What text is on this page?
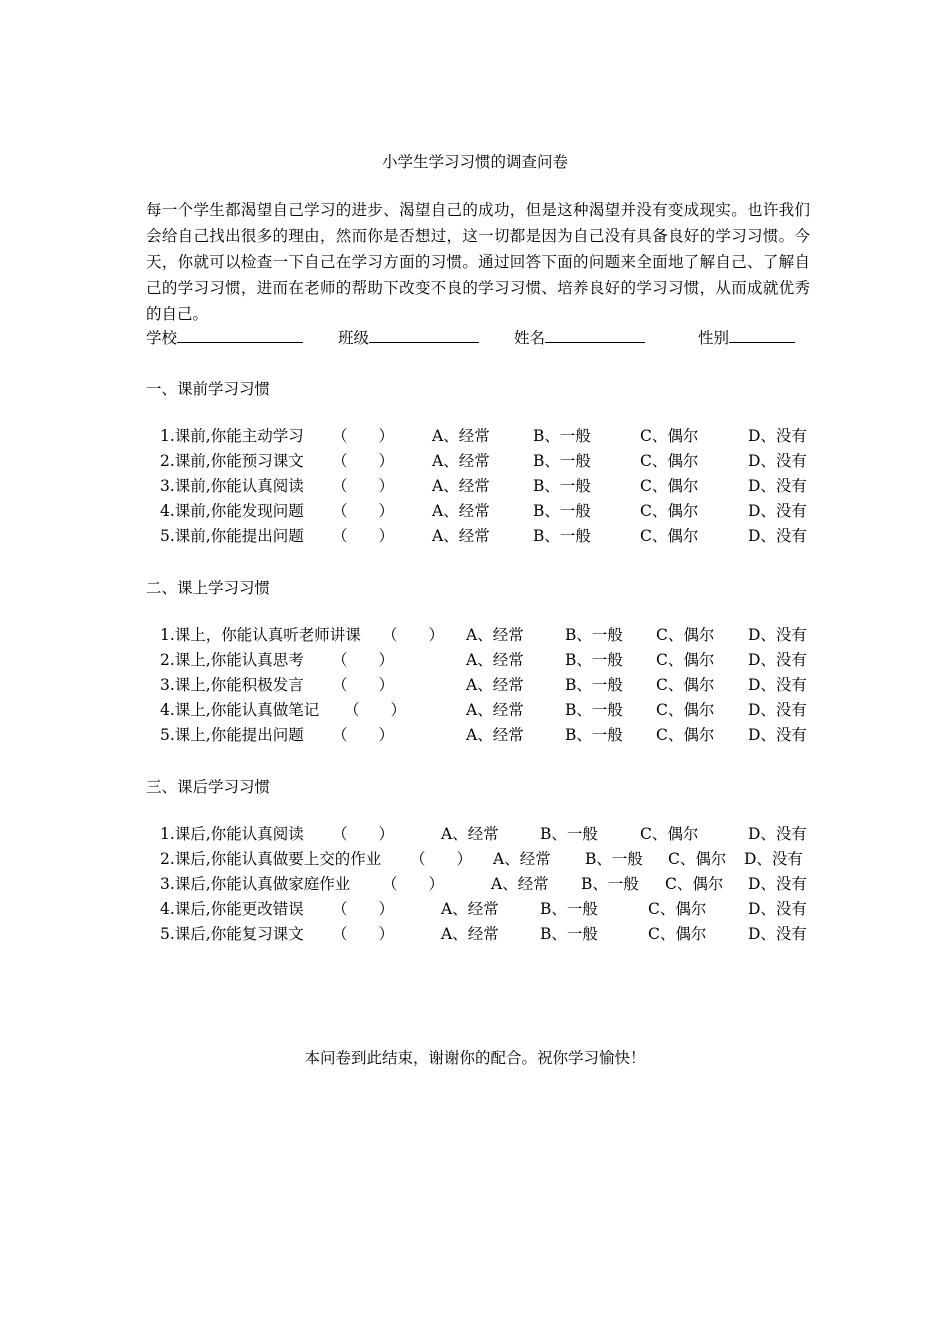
小学生学习习惯的调查问卷

每一个学生都渴望自己学习的进步、渴望自己的成功，但是这种渴望并没有变成现实。也许我们会给自己找出很多的理由，然而你是否想过，这一切都是因为自己没有具备良好的学习习惯。今天，你就可以检查一下自己在学习方面的习惯。通过回答下面的问题来全面地了解自己、了解自己的学习习惯，进而在老师的帮助下改变不良的学习习惯、培养良好的学习习惯，从而成就优秀的自己。

学校	班级	姓名	性别
一、课前学习习惯
1.课前,你能主动学习 （　　） A、经常	B、一般	C、偶尔	D、没有
2.课前,你能预习课文 （　　） A、经常	B、一般	C、偶尔	D、没有
3.课前,你能认真阅读 （　　） A、经常	B、一般	C、偶尔	D、没有
4.课前,你能发现问题 （　　） A、经常	B、一般	C、偶尔	D、没有
5.课前,你能提出问题 （　　） A、经常	B、一般	C、偶尔	D、没有
二、课上学习习惯
1.课上，你能认真听老师讲课 （　　） A、经常	B、一般 C、偶尔 D、没有
2.课上,你能认真思考 （　　）	A、经常	B、一般 C、偶尔 D、没有
3.课上,你能积极发言 （　　）	A、经常	B、一般 C、偶尔 D、没有
4.课上,你能认真做笔记 （　　）	A、经常	B、一般 C、偶尔 D、没有
5.课上,你能提出问题 （　　）	A、经常	B、一般 C、偶尔 D、没有
三、课后学习习惯
1.课后,你能认真阅读 （　　）	A、经常	B、一般	C、偶尔	D、没有
2.课后,你能认真做要上交的作业 （　　） A、经常 B、一般 C、偶尔 D、没有
3.课后,你能认真做家庭作业 （　　）	A、经常 B、一般 C、偶尔 D、没有
4.课后,你能更改错误 （　　）	A、经常	B、一般	C、偶尔	D、没有
5.课后,你能复习课文 （　　）	A、经常	B、一般	C、偶尔	D、没有
本问卷到此结束，谢谢你的配合。祝你学习愉快！
